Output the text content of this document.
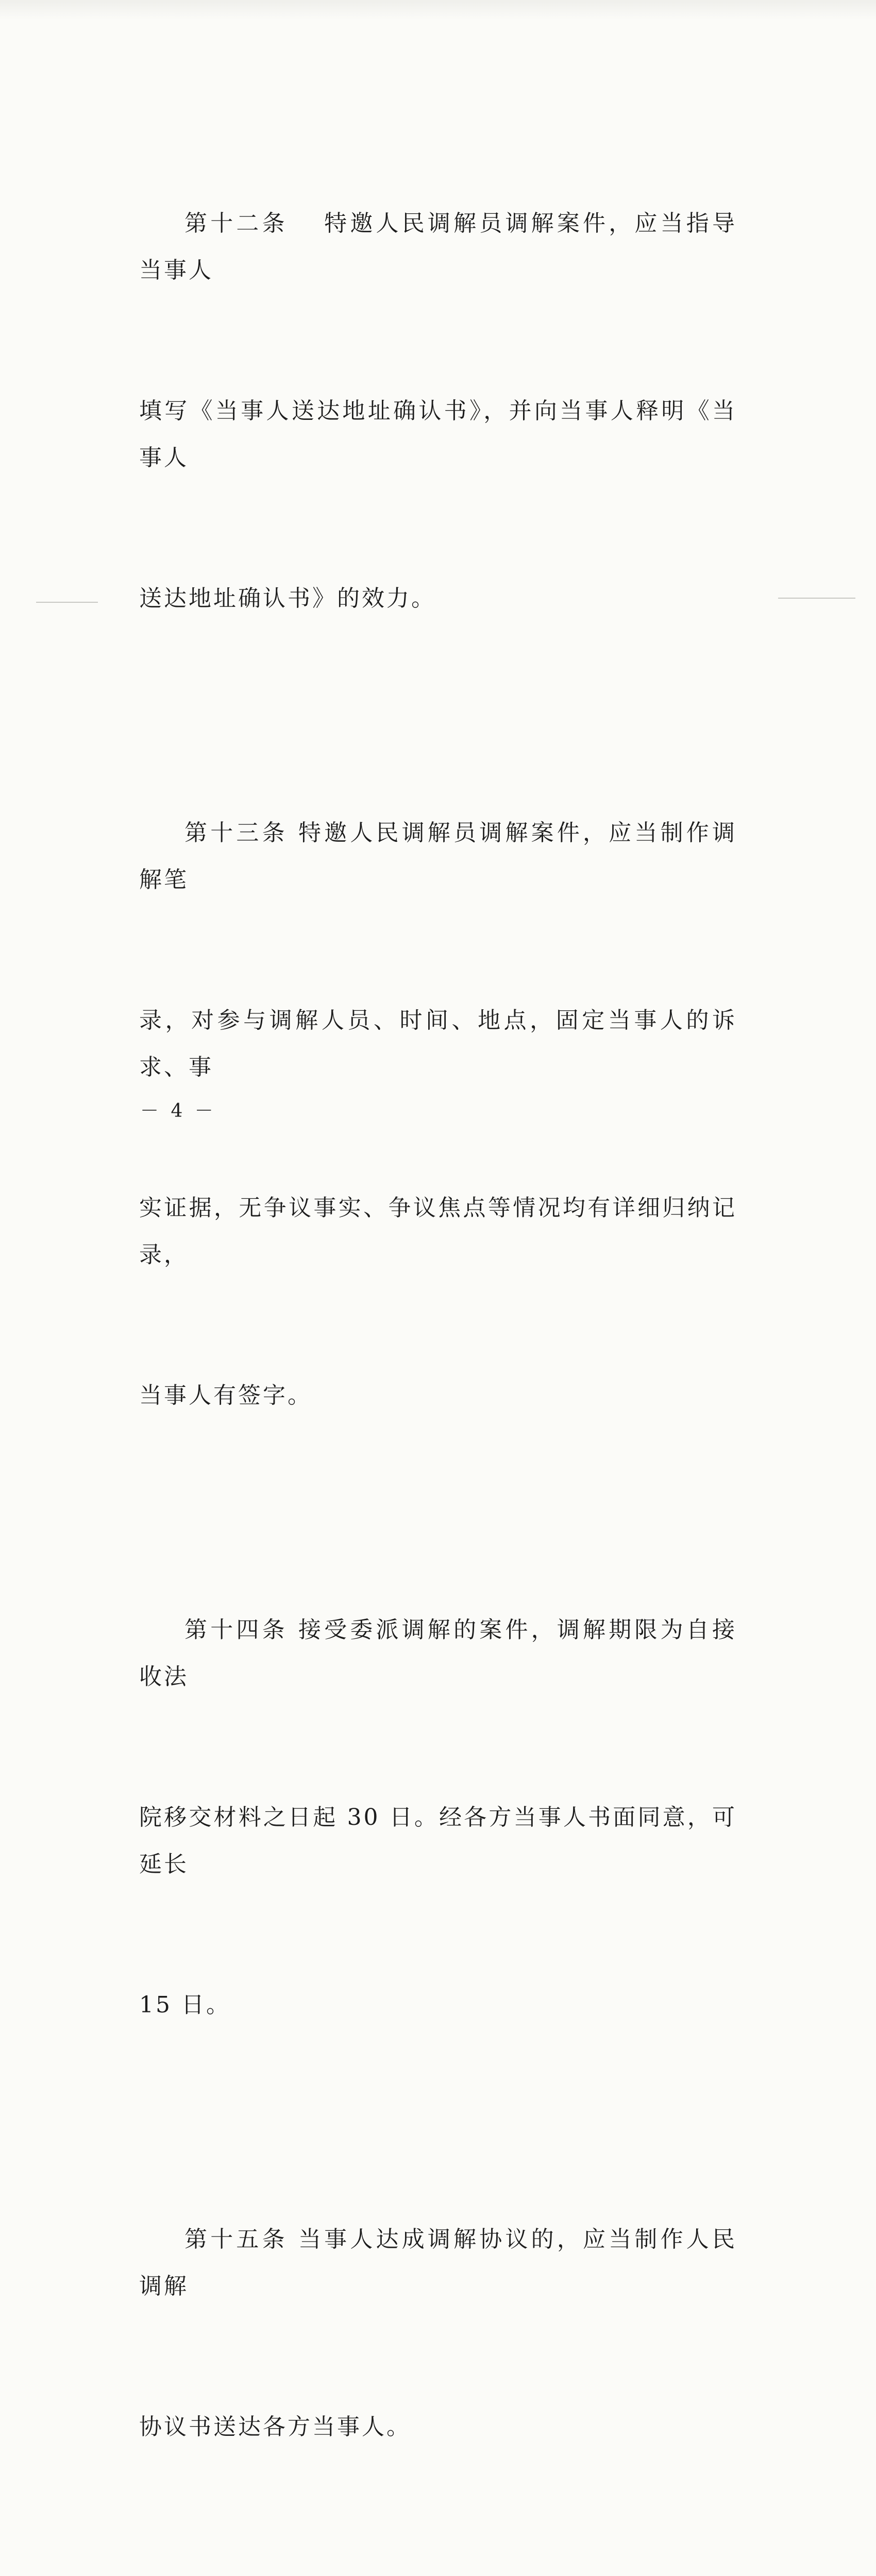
第十二条　 特邀人民调解员调解案件，应当指导当事人

填写《当事人送达地址确认书》，并向当事人释明《当事人

送达地址确认书》的效力。

第十三条 特邀人民调解员调解案件，应当制作调解笔

录，对参与调解人员、时间、地点，固定当事人的诉求、事

实证据，无争议事实、争议焦点等情况均有详细归纳记录，

当事人有签字。

第十四条 接受委派调解的案件，调解期限为自接收法

院移交材料之日起 30 日。经各方当事人书面同意，可延长

15 日。

第十五条 当事人达成调解协议的，应当制作人民调解

协议书送达各方当事人。

－ 4 －
